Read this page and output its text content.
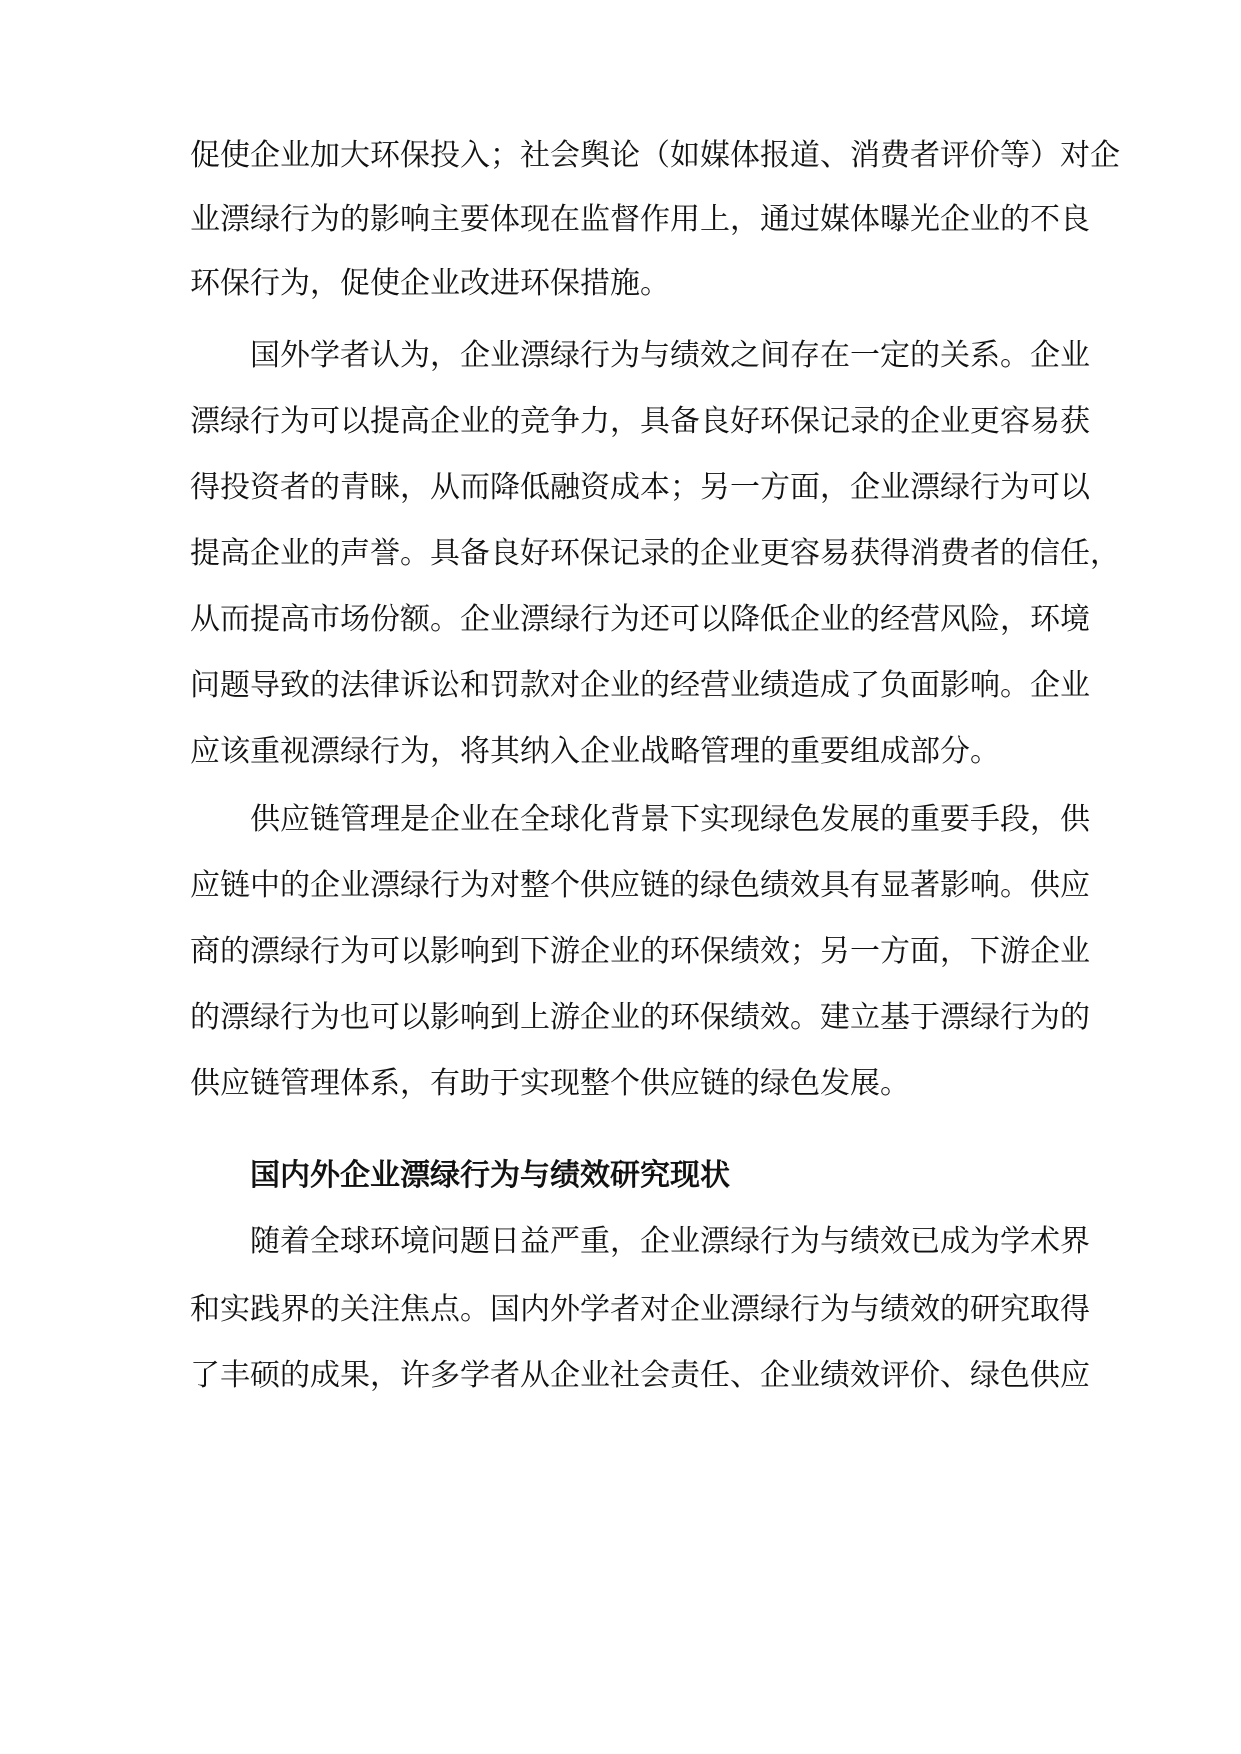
促使企业加大环保投入；社会舆论（如媒体报道、消费者评价等）对企
业漂绿行为的影响主要体现在监督作用上，通过媒体曝光企业的不良
环保行为，促使企业改进环保措施。
国外学者认为，企业漂绿行为与绩效之间存在一定的关系。企业
漂绿行为可以提高企业的竞争力，具备良好环保记录的企业更容易获
得投资者的青睐，从而降低融资成本；另一方面，企业漂绿行为可以
提高企业的声誉。具备良好环保记录的企业更容易获得消费者的信任，
从而提高市场份额。企业漂绿行为还可以降低企业的经营风险，环境
问题导致的法律诉讼和罚款对企业的经营业绩造成了负面影响。企业
应该重视漂绿行为，将其纳入企业战略管理的重要组成部分。
供应链管理是企业在全球化背景下实现绿色发展的重要手段，供
应链中的企业漂绿行为对整个供应链的绿色绩效具有显著影响。供应
商的漂绿行为可以影响到下游企业的环保绩效；另一方面，下游企业
的漂绿行为也可以影响到上游企业的环保绩效。建立基于漂绿行为的
供应链管理体系，有助于实现整个供应链的绿色发展。
国内外企业漂绿行为与绩效研究现状
随着全球环境问题日益严重，企业漂绿行为与绩效已成为学术界
和实践界的关注焦点。国内外学者对企业漂绿行为与绩效的研究取得
了丰硕的成果，许多学者从企业社会责任、企业绩效评价、绿色供应
